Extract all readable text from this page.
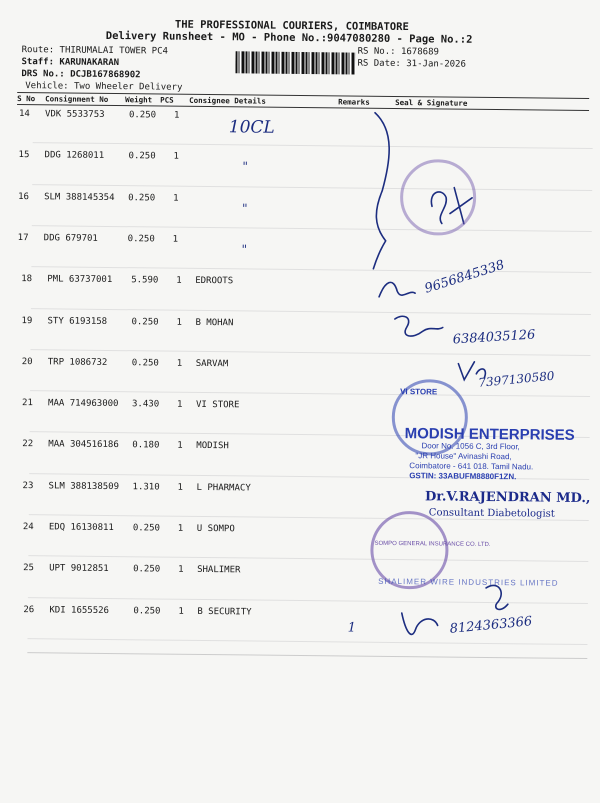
THE PROFESSIONAL COURIERS, COIMBATORE
Delivery Runsheet - MO - Phone No.:9047080280 - Page No.:2
Route: THIRUMALAI TOWER PC4
Staff: KARUNAKARAN
DRS No.: DCJB167868902
Vehicle: Two Wheeler Delivery
RS No.: 1678689
RS Date: 31-Jan-2026
S No Consignment No Weight PCS Consignee Details	Remarks	Seal & Signature
14 VDK 5533753	0.250 1
15 DDG 1268011	0.250 1
16 SLM 388145354 0.250 1
17 DDG 679701	0.250 1
18 PML 63737001 5.590 1 EDROOTS
19 STY 6193158	0.250 1 B MOHAN
20 TRP 1086732	0.250 1 SARVAM
21 MAA 714963000 3.430 1 VI STORE
22 MAA 304516186 0.180 1 MODISH
23 SLM 388138509 1.310 1 L PHARMACY
24 EDQ 16130811 0.250 1 U SOMPO
25 UPT 9012851	0.250 1 SHALIMER
26 KDI 1655526	0.250 1 B SECURITY
10CL
"
"
"
9656845338
6384035126
7397130580
8124363366
1
VI STORE
MODISH ENTERPRISES
Door No. 1056 C, 3rd Floor,
"JR House" Avinashi Road,
Coimbatore - 641 018. Tamil Nadu.
GSTIN: 33ABUFM8880F1ZN.
Dr.V.RAJENDRAN MD.,
Consultant Diabetologist
SOMPO GENERAL INSURANCE CO. LTD.
SHALIMER WIRE INDUSTRIES LIMITED
